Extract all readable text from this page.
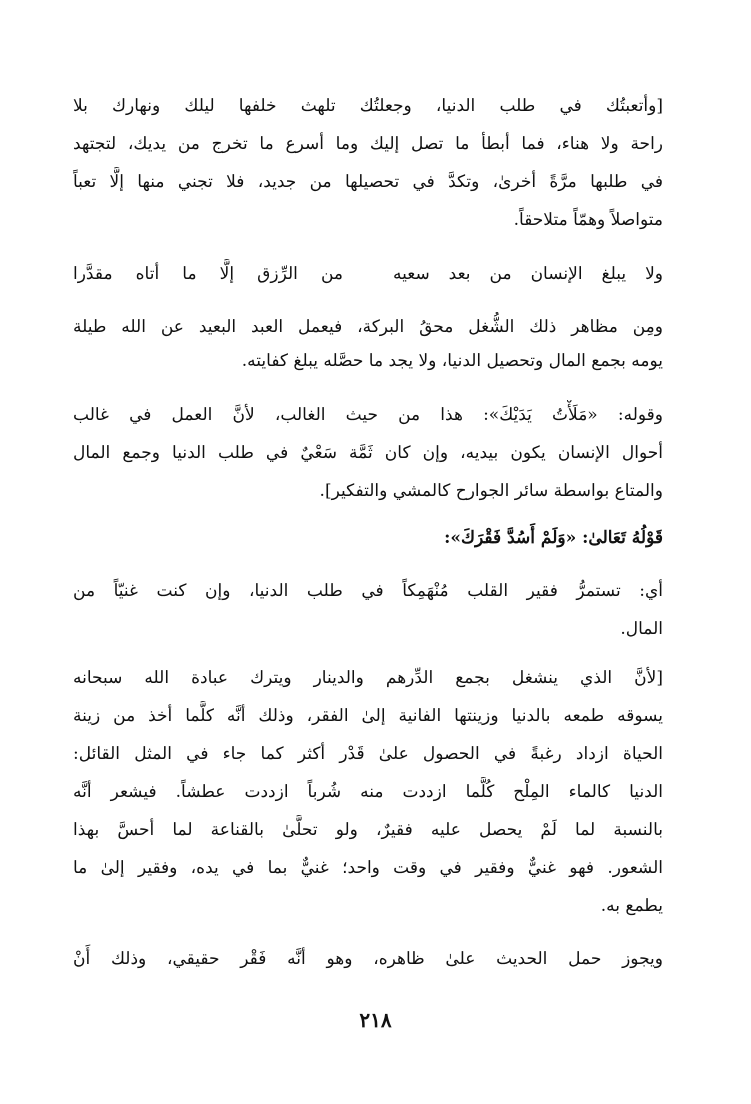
[وأتعبتُك في طلب الدنيا، وجعلتُك تلهث خلفها ليلك ونهارك بلا
راحة ولا هناء، فما أبطأ ما تصل إليك وما أسرع ما تخرج من يديك، لتجتهد
في طلبها مرَّةً أخرىٰ، وتكدَّ في تحصيلها من جديد، فلا تجني منها إلَّا تعباً
متواصلاً وهمّاً متلاحقاً.
ولا يبلغ الإنسان من بعد سعيه
من الرِّزق إلَّا ما أتاه مقدَّرا
ومِن مظاهر ذلك الشُّغل محقُ البركة، فيعمل العبد البعيد عن الله طيلة
يومه بجمع المال وتحصيل الدنيا، ولا يجد ما حصَّله يبلغ كفايته.
وقوله: «مَلَأْتُ يَدَيْكَ»: هذا من حيث الغالب، لأنَّ العمل في غالب
أحوال الإنسان يكون بيديه، وإن كان ثَمَّة سَعْيٌ في طلب الدنيا وجمع المال
والمتاع بواسطة سائر الجوارح كالمشي والتفكير].
قَوْلُهُ تَعَالىٰ: «وَلَمْ أَسُدَّ فَقْرَكَ»:
أي: تستمرُّ فقير القلب مُنْهَمِكاً في طلب الدنيا، وإن كنت غنيّاً من
المال.
[لأنَّ الذي ينشغل بجمع الدِّرهم والدينار ويترك عبادة الله سبحانه
يسوقه طمعه بالدنيا وزينتها الفانية إلىٰ الفقر، وذلك أنَّه كلَّما أخذ من زينة
الحياة ازداد رغبةً في الحصول علىٰ قَدْر أكثر كما جاء في المثل القائل:
الدنيا كالماء المِلْح كُلَّما ازددت منه شُرباً ازددت عطشاً. فيشعر أنَّه
بالنسبة لما لَمْ يحصل عليه فقيرٌ، ولو تحلَّىٰ بالقناعة لما أحسَّ بهذا
الشعور. فهو غنيٌّ وفقير في وقت واحد؛ غنيٌّ بما في يده، وفقير إلىٰ ما
يطمع به.
ويجوز حمل الحديث علىٰ ظاهره، وهو أنَّه فَقْر حقيقي، وذلك أَنْ
٢١٨
